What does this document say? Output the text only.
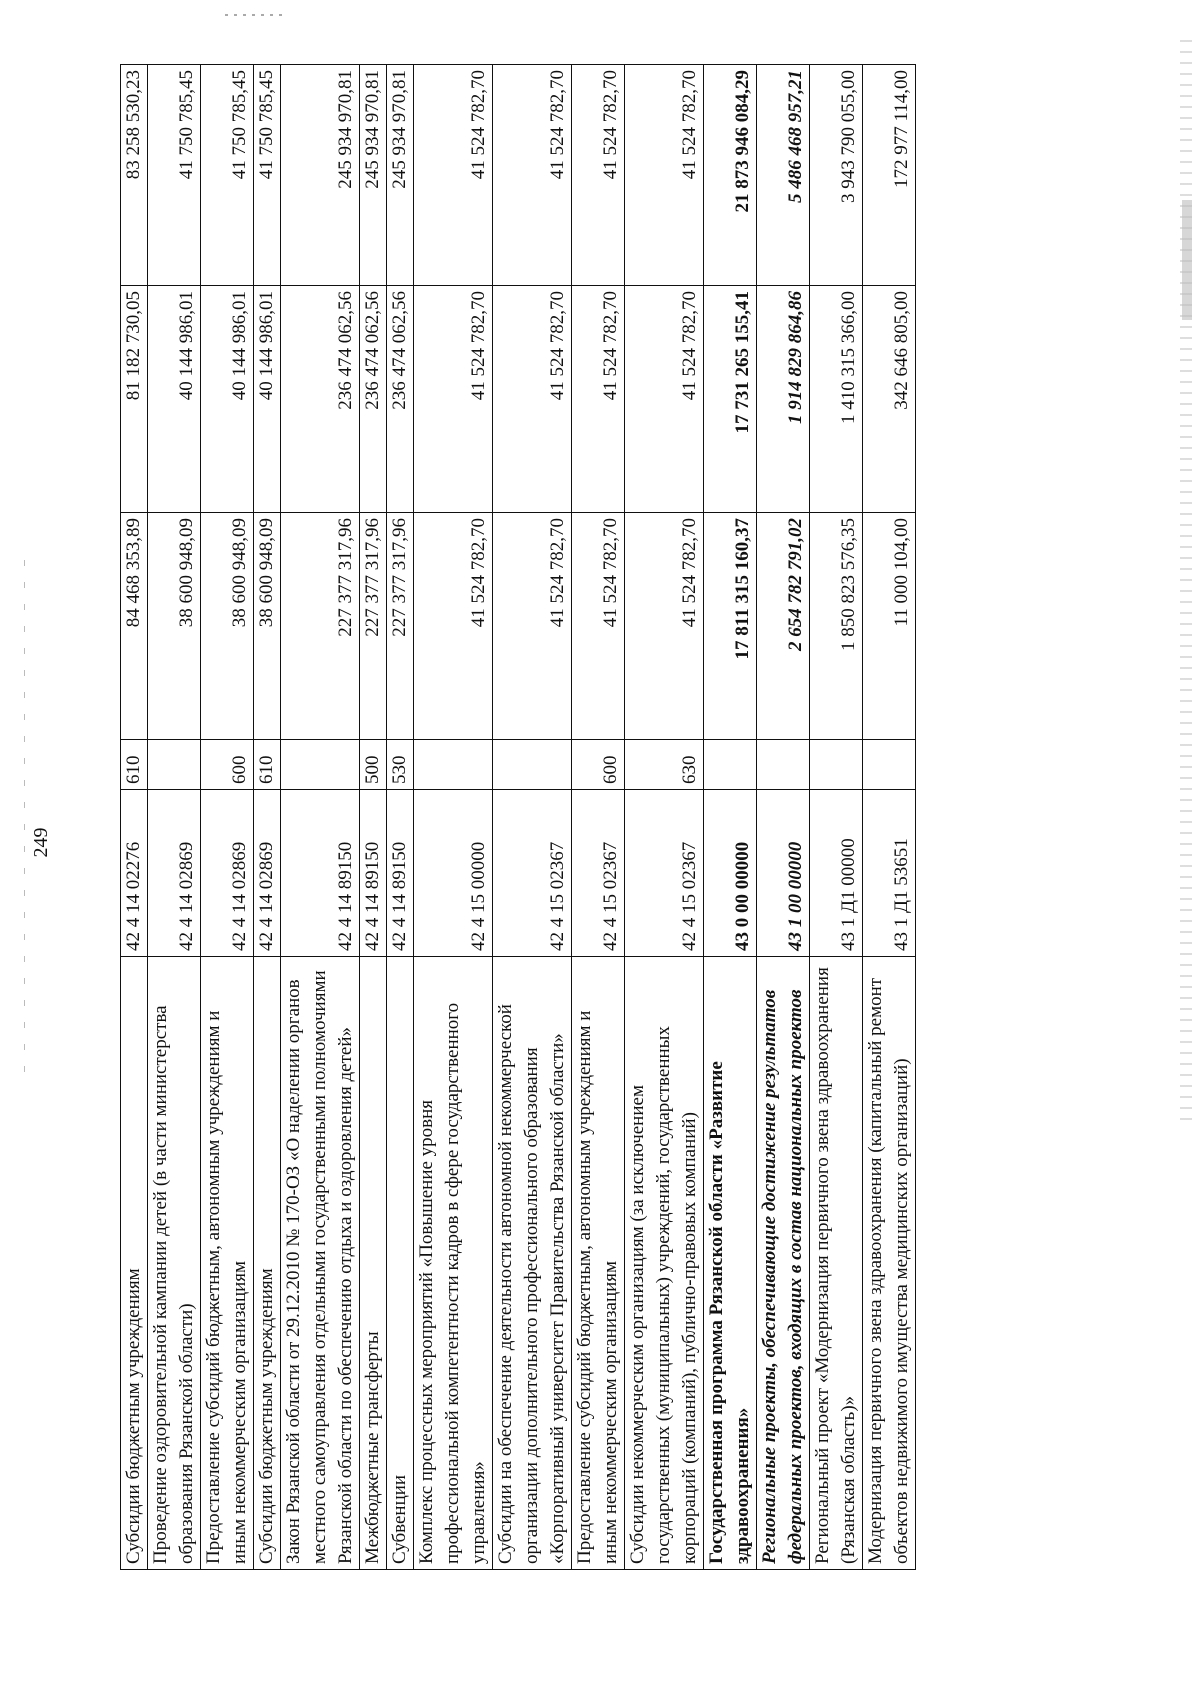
249
Субсидии бюджетным учреждениям	42 4 14 02276	610	84 468 353,89	81 182 730,05	83 258 530,23
Проведение оздоровительной кампании детей (в части министерства образования Рязанской области)	42 4 14 02869		38 600 948,09	40 144 986,01	41 750 785,45
Предоставление субсидий бюджетным, автономным учреждениям и иным некоммерческим организациям	42 4 14 02869	600	38 600 948,09	40 144 986,01	41 750 785,45
Субсидии бюджетным учреждениям	42 4 14 02869	610	38 600 948,09	40 144 986,01	41 750 785,45
Закон Рязанской области от 29.12.2010 № 170-ОЗ «О наделении органов местного самоуправления отдельными государственными полномочиями Рязанской области по обеспечению отдыха и оздоровления детей»	42 4 14 89150		227 377 317,96	236 474 062,56	245 934 970,81
Межбюджетные трансферты	42 4 14 89150	500	227 377 317,96	236 474 062,56	245 934 970,81
Субвенции	42 4 14 89150	530	227 377 317,96	236 474 062,56	245 934 970,81
Комплекс процессных мероприятий «Повышение уровня профессиональной компетентности кадров в сфере государственного управления»	42 4 15 00000		41 524 782,70	41 524 782,70	41 524 782,70
Субсидии на обеспечение деятельности автономной некоммерческой организации дополнительного профессионального образования «Корпоративный университет Правительства Рязанской области»	42 4 15 02367		41 524 782,70	41 524 782,70	41 524 782,70
Предоставление субсидий бюджетным, автономным учреждениям и иным некоммерческим организациям	42 4 15 02367	600	41 524 782,70	41 524 782,70	41 524 782,70
Субсидии некоммерческим организациям (за исключением государственных (муниципальных) учреждений, государственных корпораций (компаний), публично-правовых компаний)	42 4 15 02367	630	41 524 782,70	41 524 782,70	41 524 782,70
Государственная программа Рязанской области «Развитие здравоохранения»	43 0 00 00000		17 811 315 160,37	17 731 265 155,41	21 873 946 084,29
Региональные проекты, обеспечивающие достижение результатов федеральных проектов, входящих в состав национальных проектов	43 1 00 00000		2 654 782 791,02	1 914 829 864,86	5 486 468 957,21
Региональный проект «Модернизация первичного звена здравоохранения (Рязанская область)»	43 1 Д1 00000		1 850 823 576,35	1 410 315 366,00	3 943 790 055,00
Модернизация первичного звена здравоохранения (капитальный ремонт объектов недвижимого имущества медицинских организаций)	43 1 Д1 53651		11 000 104,00	342 646 805,00	172 977 114,00
